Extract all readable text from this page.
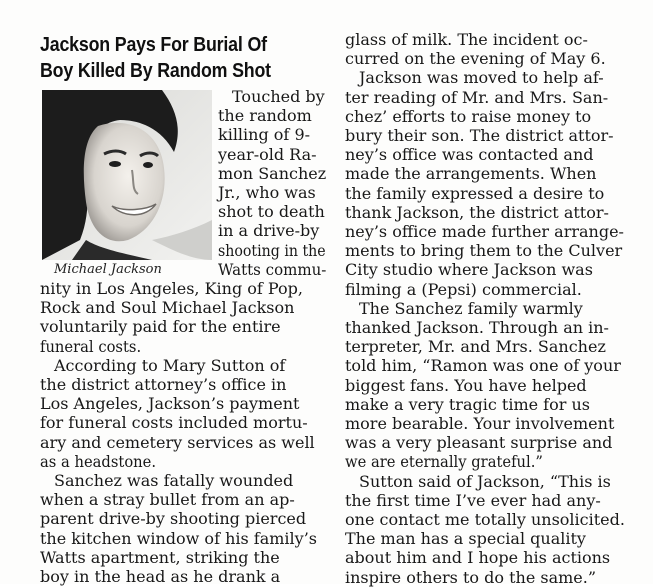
Jackson Pays For Burial Of
Boy Killed By Random Shot
Michael Jackson
Touched by
the random
killing of 9-
year-old Ra-
mon Sanchez
Jr., who was
shot to death
in a drive-by
shooting in the
Watts commu-
nity in Los Angeles, King of Pop,
Rock and Soul Michael Jackson
voluntarily paid for the entire
funeral costs.
According to Mary Sutton of
the district attorney’s office in
Los Angeles, Jackson’s payment
for funeral costs included mortu-
ary and cemetery services as well
as a headstone.
Sanchez was fatally wounded
when a stray bullet from an ap-
parent drive-by shooting pierced
the kitchen window of his family’s
Watts apartment, striking the
boy in the head as he drank a
glass of milk. The incident oc-
curred on the evening of May 6.
Jackson was moved to help af-
ter reading of Mr. and Mrs. San-
chez’ efforts to raise money to
bury their son. The district attor-
ney’s office was contacted and
made the arrangements. When
the family expressed a desire to
thank Jackson, the district attor-
ney’s office made further arrange-
ments to bring them to the Culver
City studio where Jackson was
filming a (Pepsi) commercial.
The Sanchez family warmly
thanked Jackson. Through an in-
terpreter, Mr. and Mrs. Sanchez
told him, “Ramon was one of your
biggest fans. You have helped
make a very tragic time for us
more bearable. Your involvement
was a very pleasant surprise and
we are eternally grateful.”
Sutton said of Jackson, “This is
the first time I’ve ever had any-
one contact me totally unsolicited.
The man has a special quality
about him and I hope his actions
inspire others to do the same.”
